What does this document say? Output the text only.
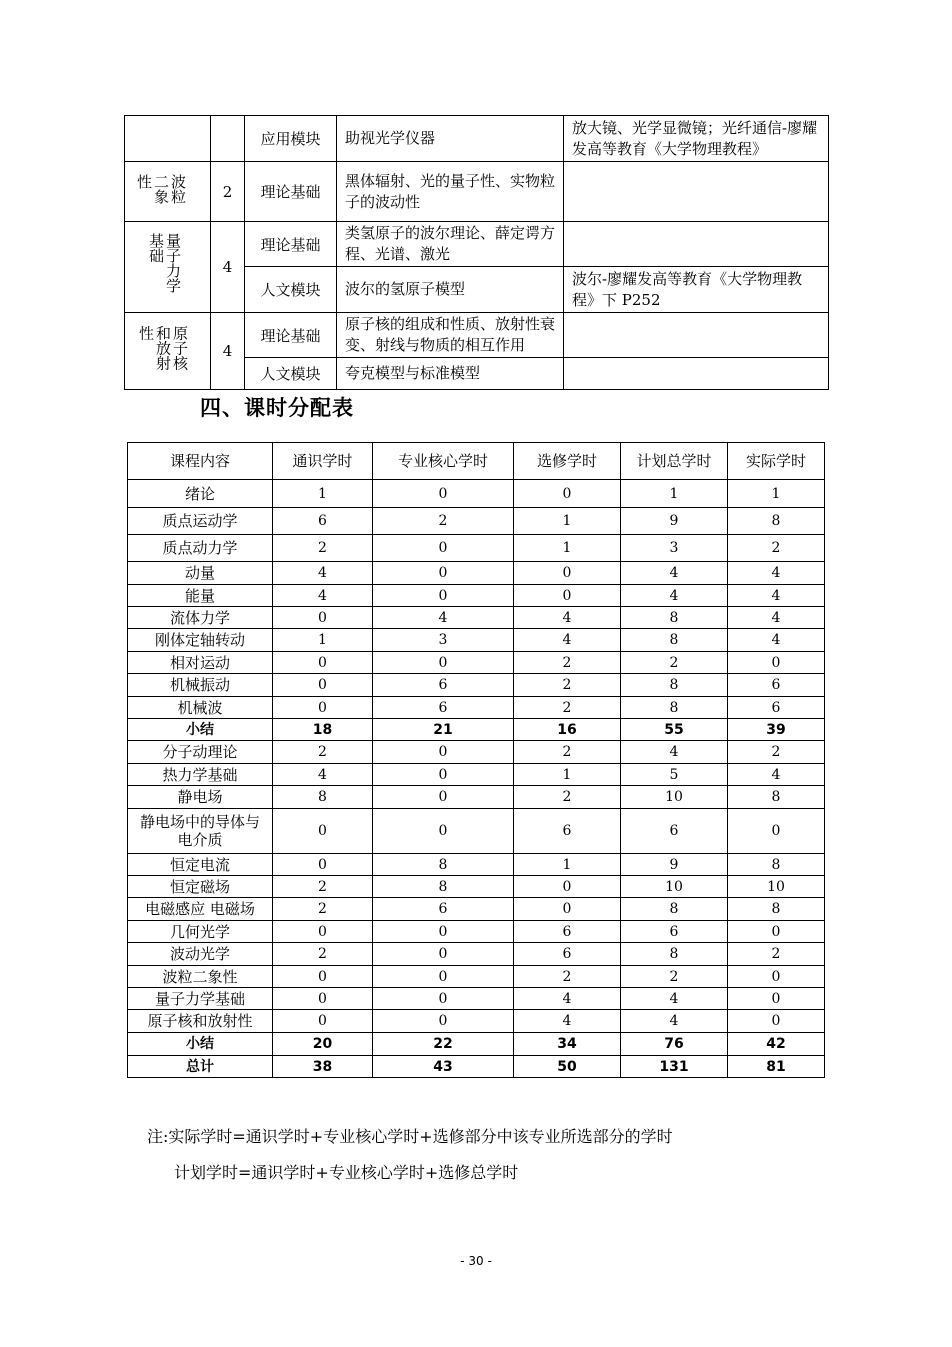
		应用模块	助视光学仪器	放大镜、光学显微镜；光纤通信-廖耀发高等教育《大学物理教程》

波粒二象性	2	理论基础	黑体辐射、光的量子性、实物粒子的波动性	

量子力学基础	4	理论基础	类氢原子的波尔理论、薛定谔方程、光谱、激光	
		人文模块	波尔的氢原子模型	波尔-廖耀发高等教育《大学物理教程》下 P252

原子核和放射性	4	理论基础	原子核的组成和性质、放射性衰变、射线与物质的相互作用	
		人文模块	夸克模型与标准模型	
四、课时分配表
课程内容	通识学时	专业核心学时	选修学时	计划总学时	实际学时
绪论	1	0	0	1	1
质点运动学	6	2	1	9	8
质点动力学	2	0	1	3	2
动量	4	0	0	4	4
能量	4	0	0	4	4
流体力学	0	4	4	8	4
刚体定轴转动	1	3	4	8	4
相对运动	0	0	2	2	0
机械振动	0	6	2	8	6
机械波	0	6	2	8	6
小结	18	21	16	55	39
分子动理论	2	0	2	4	2
热力学基础	4	0	1	5	4
静电场	8	0	2	10	8
静电场中的导体与电介质	0	0	6	6	0
恒定电流	0	8	1	9	8
恒定磁场	2	8	0	10	10
电磁感应 电磁场	2	6	0	8	8
几何光学	0	0	6	6	0
波动光学	2	0	6	8	2
波粒二象性	0	0	2	2	0
量子力学基础	0	0	4	4	0
原子核和放射性	0	0	4	4	0
小结	20	22	34	76	42
总计	38	43	50	131	81

注:实际学时=通识学时+专业核心学时+选修部分中该专业所选部分的学时

计划学时=通识学时+专业核心学时+选修总学时

- 30 -
